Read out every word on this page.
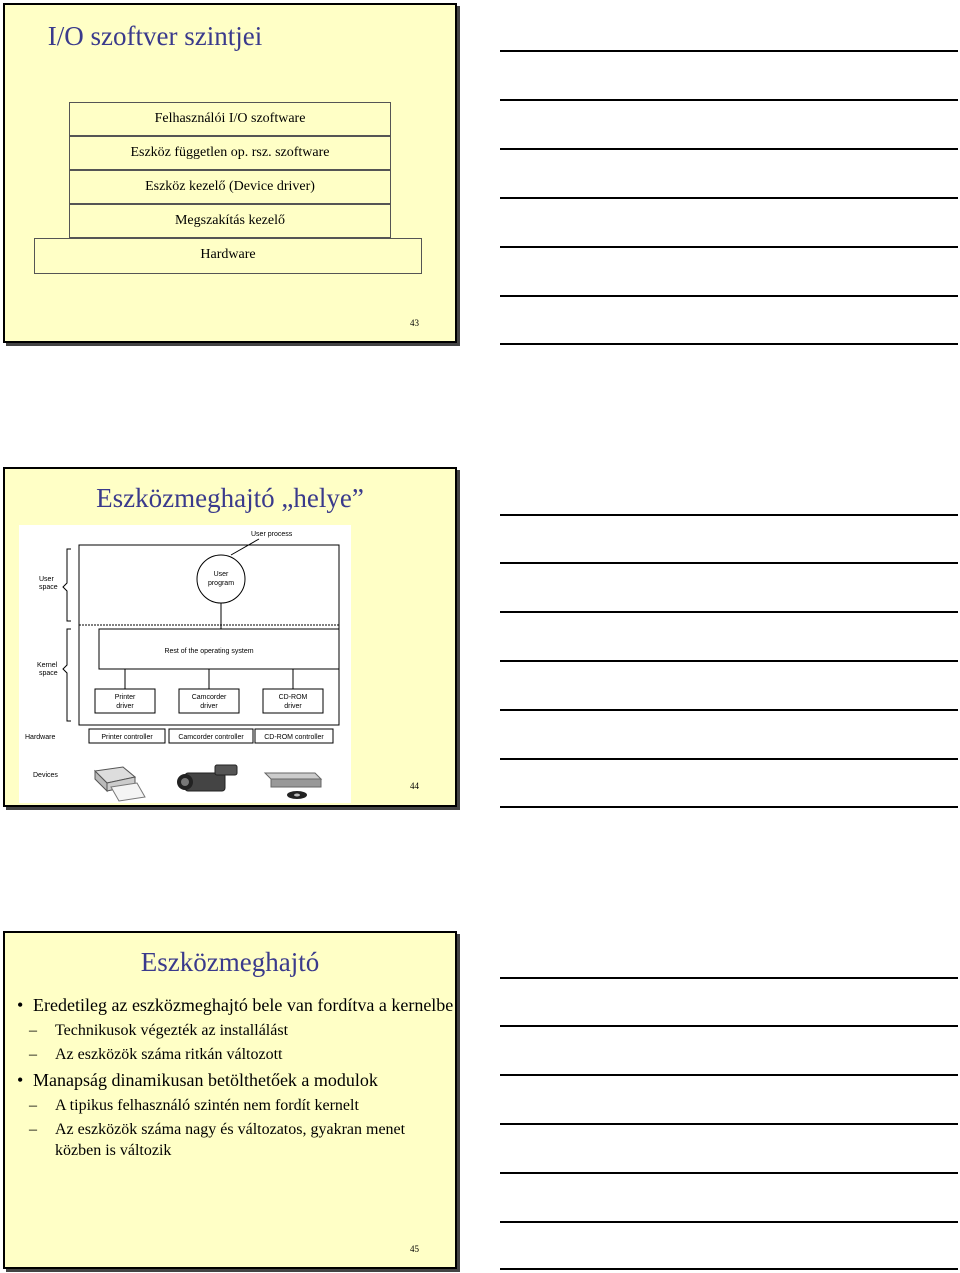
I/O szoftver szintjei
Felhasználói I/O szoftware
Eszköz független op. rsz. szoftware
Eszköz kezelő (Device driver)
Megszakítás kezelő
Hardware
43
Eszközmeghajtó „helye”
User
space
Kernel
space
User process
User
program
Rest of the operating system
Printer
driver
Camcorder
driver
CD-ROM
driver
Hardware	Printer controller	Camcorder controller	CD-ROM controller
Devices
44
Eszközmeghajtó
• Eredetileg az eszközmeghajtó bele van fordítva a kernelbe
– Technikusok végezték az installálást
– Az eszközök száma ritkán változott
• Manapság dinamikusan betölthetőek a modulok
– A tipikus felhasználó szintén nem fordít kernelt
– Az eszközök száma nagy és változatos, gyakran menet közben is változik
45
